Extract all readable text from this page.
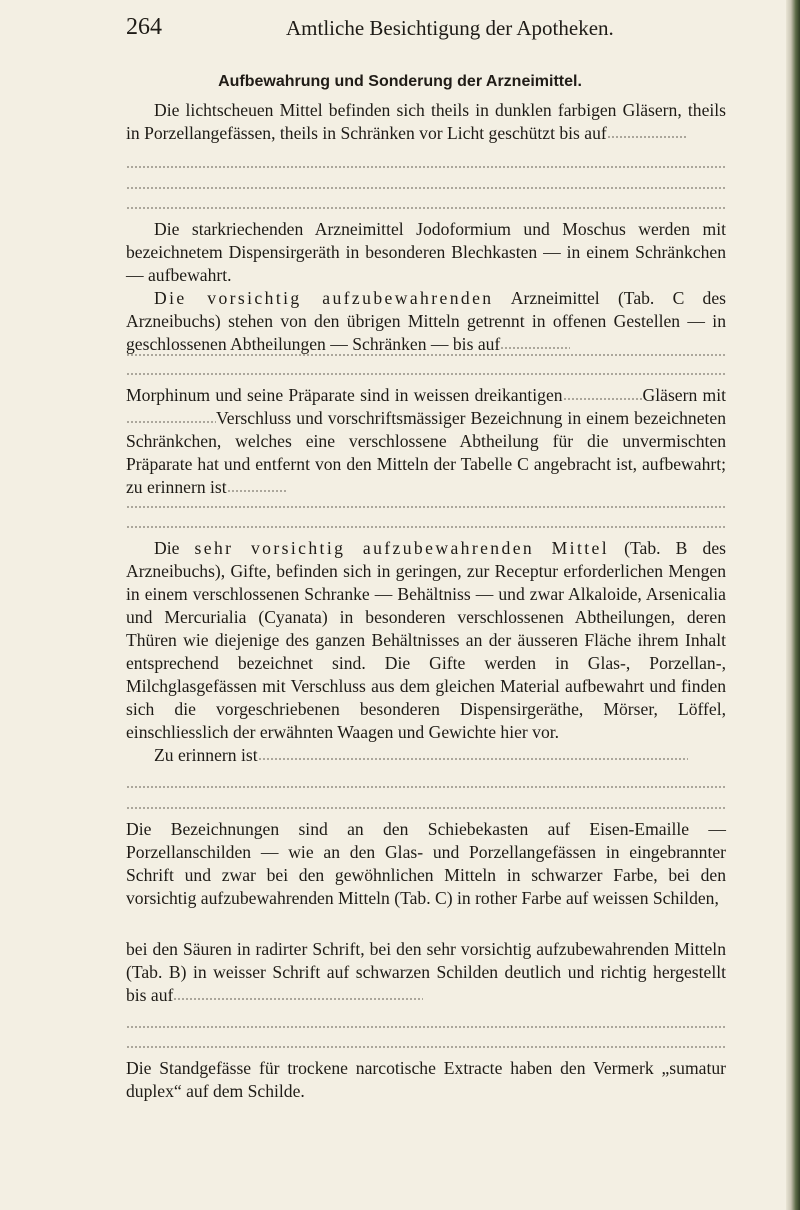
264	Amtliche Besichtigung der Apotheken.
Aufbewahrung und Sonderung der Arzneimittel.

Die lichtscheuen Mittel befinden sich theils in dunklen farbigen Gläsern, theils in Porzellangefässen, theils in Schränken vor Licht geschützt bis auf

Die starkriechenden Arzneimittel Jodoformium und Moschus werden mit bezeichnetem Dispensirgeräth in besonderen Blechkasten — in einem Schränkchen — aufbewahrt.

Die vorsichtig aufzubewahrenden Arzneimittel (Tab. C des Arzneibuchs) stehen von den übrigen Mitteln getrennt in offenen Gestellen — in geschlossenen Abtheilungen — Schränken — bis auf

Morphinum und seine Präparate sind in weissen dreikantigen	Gläsern mitVerschluss und vorschriftsmässiger Bezeichnung in einem bezeichneten Schränkchen, welches eine verschlossene Abtheilung für die unvermischten Präparate hat und entfernt von den Mitteln der Tabelle C angebracht ist, aufbewahrt; zu erinnern ist

Die sehr vorsichtig aufzubewahrenden Mittel (Tab. B des Arzneibuchs), Gifte, befinden sich in geringen, zur Receptur erforderlichen Mengen in einem verschlossenen Schranke — Behältniss — und zwar Alkaloide, Arsenicalia und Mercurialia (Cyanata) in besonderen verschlossenen Abtheilungen, deren Thüren wie diejenige des ganzen Behältnisses an der äusseren Fläche ihrem Inhalt entsprechend bezeichnet sind. Die Gifte werden in Glas-, Porzellan-, Milchglasgefässen mit Verschluss aus dem gleichen Material aufbewahrt und finden sich die vorgeschriebenen besonderen Dispensirgeräthe, Mörser, Löffel, einschliesslich der erwähnten Waagen und Gewichte hier vor.

Zu erinnern ist

Die Bezeichnungen sind an den Schiebekasten auf Eisen-Emaille — Porzellanschilden — wie an den Glas- und Porzellangefässen in eingebrannter Schrift und zwar bei den gewöhnlichen Mitteln in schwarzer Farbe, bei den vorsichtig aufzubewahrenden Mitteln (Tab. C) in rother Farbe auf weissen Schilden,

bei den Säuren in radirter Schrift, bei den sehr vorsichtig aufzubewahrenden Mitteln (Tab. B) in weisser Schrift auf schwarzen Schilden deutlich und richtig hergestellt bis auf

Die Standgefässe für trockene narcotische Extracte haben den Vermerk „sumatur duplex“ auf dem Schilde.
